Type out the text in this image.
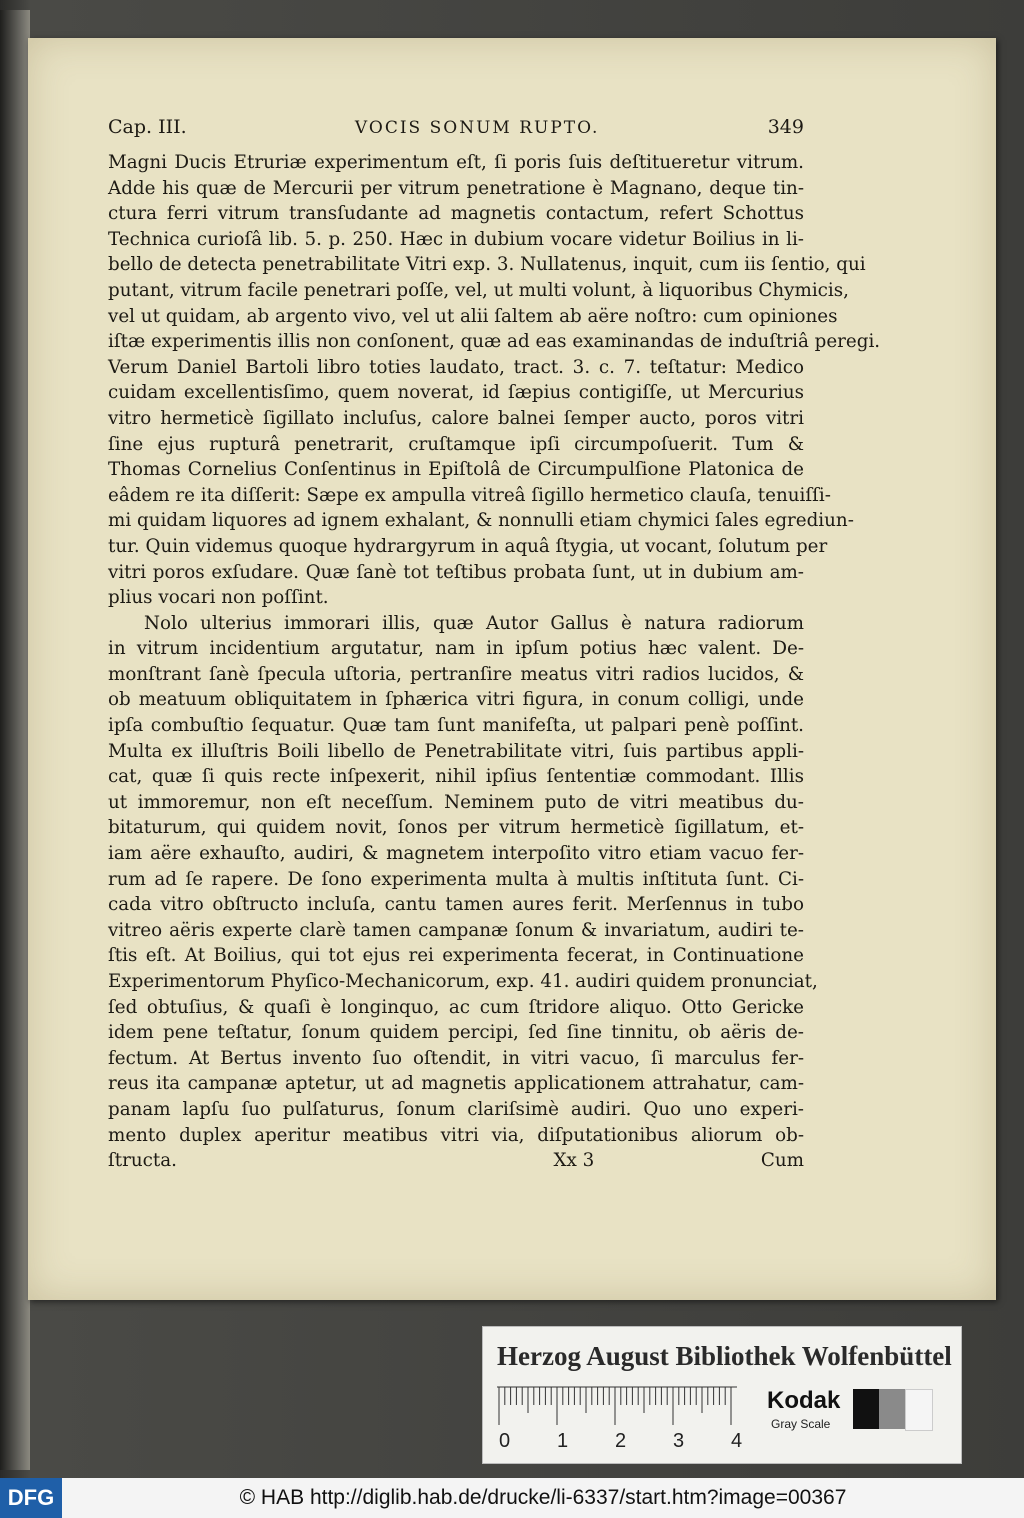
Cap. III.	VOCIS SONUM RUPTO.	349
Magni Ducis Etruriæ experimentum eſt, ſi poris ſuis deſtitueretur vitrum.
Adde his quæ de Mercurii per vitrum penetratione è Magnano, deque tin-
ctura ferri vitrum transſudante ad magnetis contactum, refert Schottus
Technica curioſâ lib. 5. p. 250. Hæc in dubium vocare videtur Boilius in li-
bello de detecta penetrabilitate Vitri exp. 3. Nullatenus, inquit, cum iis ſentio, qui
putant, vitrum facile penetrari poſſe, vel, ut multi volunt, à liquoribus Chymicis,
vel ut quidam, ab argento vivo, vel ut alii ſaltem ab aëre noſtro: cum opiniones
iſtæ experimentis illis non conſonent, quæ ad eas examinandas de induſtriâ peregi.
Verum Daniel Bartoli libro toties laudato, tract. 3. c. 7. teſtatur: Medico
cuidam excellentisſimo, quem noverat, id ſæpius contigiſſe, ut Mercurius
vitro hermeticè ſigillato incluſus, calore balnei ſemper aucto, poros vitri
ſine ejus rupturâ penetrarit, cruſtamque ipſi circumpoſuerit. Tum &
Thomas Cornelius Conſentinus in Epiſtolâ de Circumpulſione Platonica de
eâdem re ita diſſerit: Sæpe ex ampulla vitreâ ſigillo hermetico clauſa, tenuiſſi-
mi quidam liquores ad ignem exhalant, & nonnulli etiam chymici ſales egrediun-
tur. Quin videmus quoque hydrargyrum in aquâ ſtygia, ut vocant, ſolutum per
vitri poros exſudare. Quæ ſanè tot teſtibus probata ſunt, ut in dubium am-
plius vocari non poſſint.
Nolo ulterius immorari illis, quæ Autor Gallus è natura radiorum
in vitrum incidentium argutatur, nam in ipſum potius hæc valent. De-
monſtrant ſanè ſpecula uſtoria, pertranſire meatus vitri radios lucidos, &
ob meatuum obliquitatem in ſphærica vitri figura, in conum colligi, unde
ipſa combuſtio ſequatur. Quæ tam ſunt manifeſta, ut palpari penè poſſint.
Multa ex illuſtris Boili libello de Penetrabilitate vitri, ſuis partibus appli-
cat, quæ ſi quis recte inſpexerit, nihil ipſius ſententiæ commodant. Illis
ut immoremur, non eſt neceſſum. Neminem puto de vitri meatibus du-
bitaturum, qui quidem novit, ſonos per vitrum hermeticè ſigillatum, et-
iam aëre exhauſto, audiri, & magnetem interpoſito vitro etiam vacuo fer-
rum ad ſe rapere. De ſono experimenta multa à multis inſtituta ſunt. Ci-
cada vitro obſtructo incluſa, cantu tamen aures ferit. Merſennus in tubo
vitreo aëris experte clarè tamen campanæ ſonum & invariatum, audiri te-
ſtis eſt. At Boilius, qui tot ejus rei experimenta fecerat, in Continuatione
Experimentorum Phyſico-Mechanicorum, exp. 41. audiri quidem pronunciat,
ſed obtuſius, & quaſi è longinquo, ac cum ſtridore aliquo. Otto Gericke
idem pene teſtatur, ſonum quidem percipi, ſed ſine tinnitu, ob aëris de-
fectum. At Bertus invento ſuo oſtendit, in vitri vacuo, ſi marculus fer-
reus ita campanæ aptetur, ut ad magnetis applicationem attrahatur, cam-
panam lapſu ſuo pulſaturus, ſonum clariſsimè audiri. Quo uno experi-
mento duplex aperitur meatibus vitri via, diſputationibus aliorum ob-
ſtructa.	Xx 3	Cum
Herzog August Bibliothek Wolfenbüttel
0 1 2 3 4
Kodak
Gray Scale
DFG	© HAB http://diglib.hab.de/drucke/li-6337/start.htm?image=00367
